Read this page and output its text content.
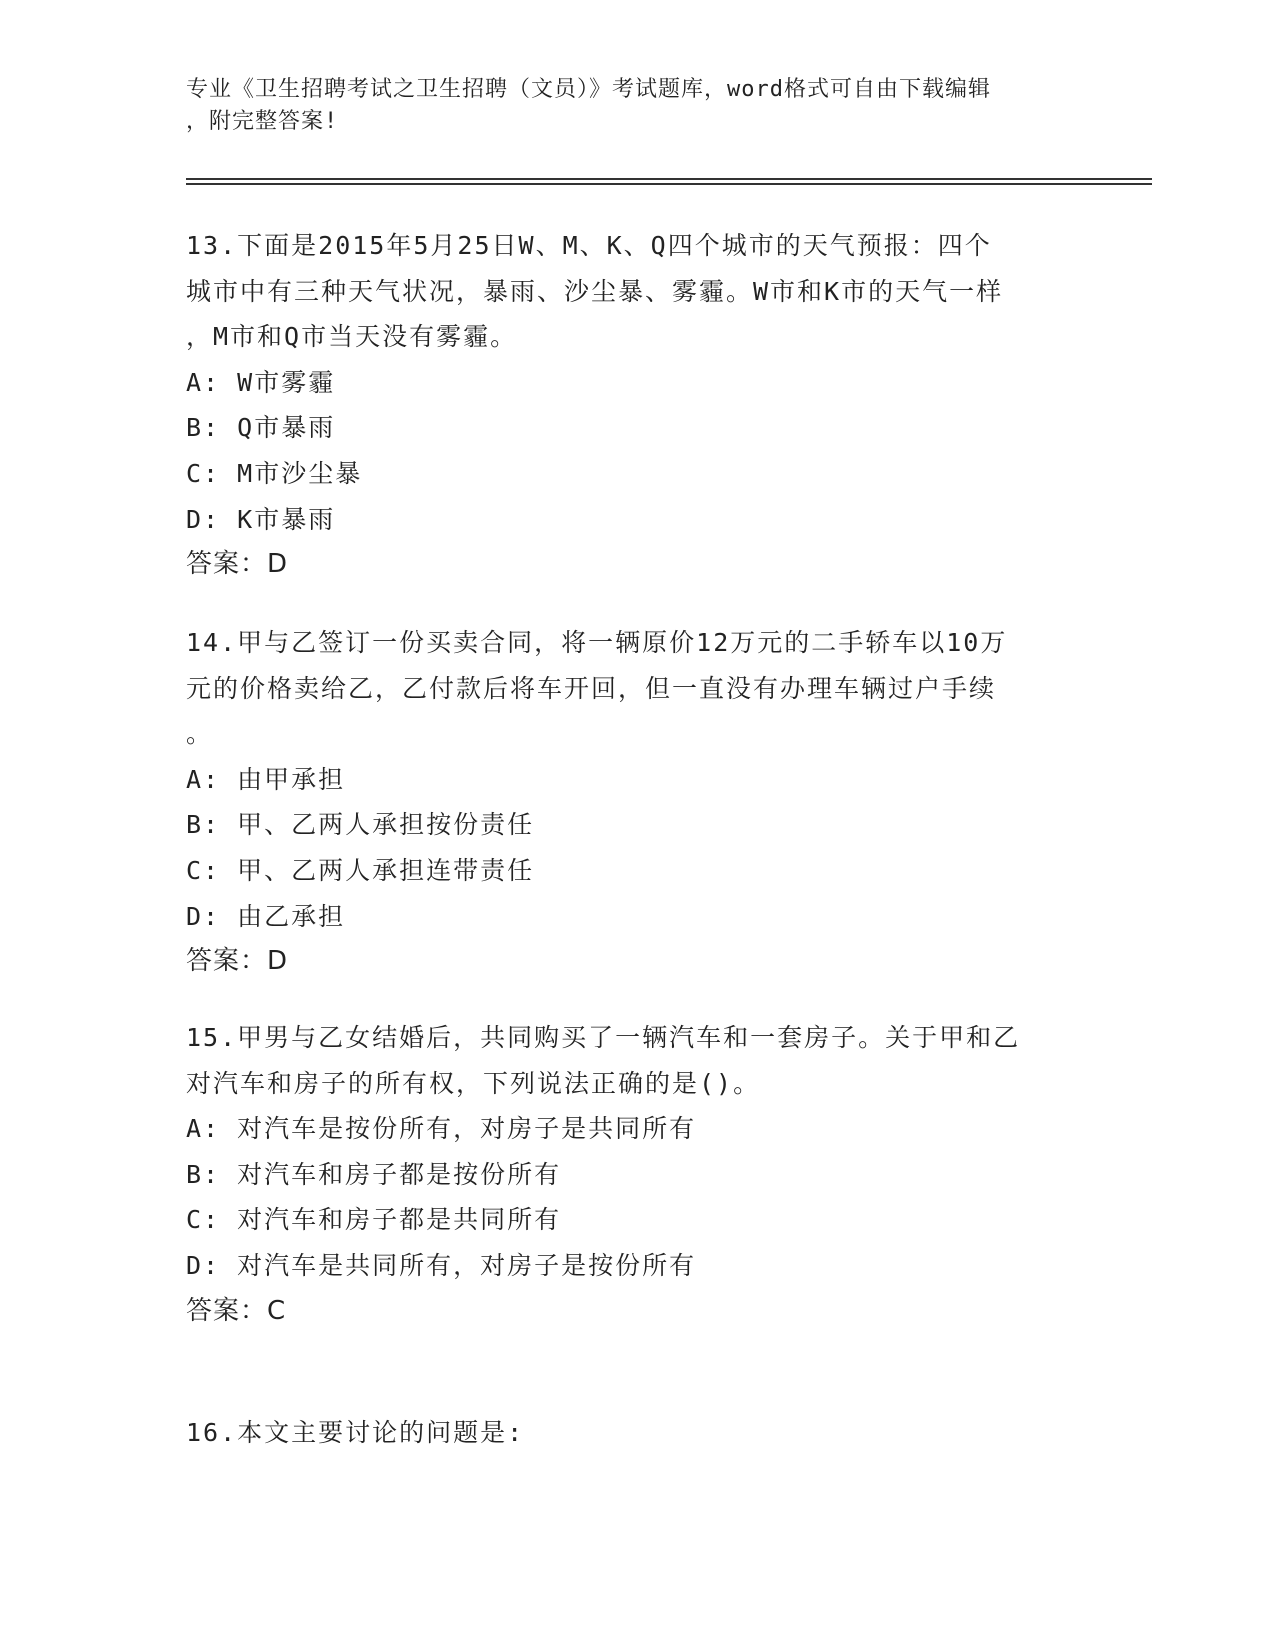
专业《卫生招聘考试之卫生招聘（文员）》考试题库，word格式可自由下载编辑
，附完整答案!
13.下面是2015年5月25日W、M、K、Q四个城市的天气预报：四个
城市中有三种天气状况，暴雨、沙尘暴、雾霾。W市和K市的天气一样
，M市和Q市当天没有雾霾。
A: W市雾霾
B: Q市暴雨
C: M市沙尘暴
D: K市暴雨
答案：D
14.甲与乙签订一份买卖合同，将一辆原价12万元的二手轿车以10万
元的价格卖给乙，乙付款后将车开回，但一直没有办理车辆过户手续
。
A: 由甲承担
B: 甲、乙两人承担按份责任
C: 甲、乙两人承担连带责任
D: 由乙承担
答案：D
15.甲男与乙女结婚后，共同购买了一辆汽车和一套房子。关于甲和乙
对汽车和房子的所有权，下列说法正确的是()。
A: 对汽车是按份所有，对房子是共同所有
B: 对汽车和房子都是按份所有
C: 对汽车和房子都是共同所有
D: 对汽车是共同所有，对房子是按份所有
答案：C
16.本文主要讨论的问题是:
